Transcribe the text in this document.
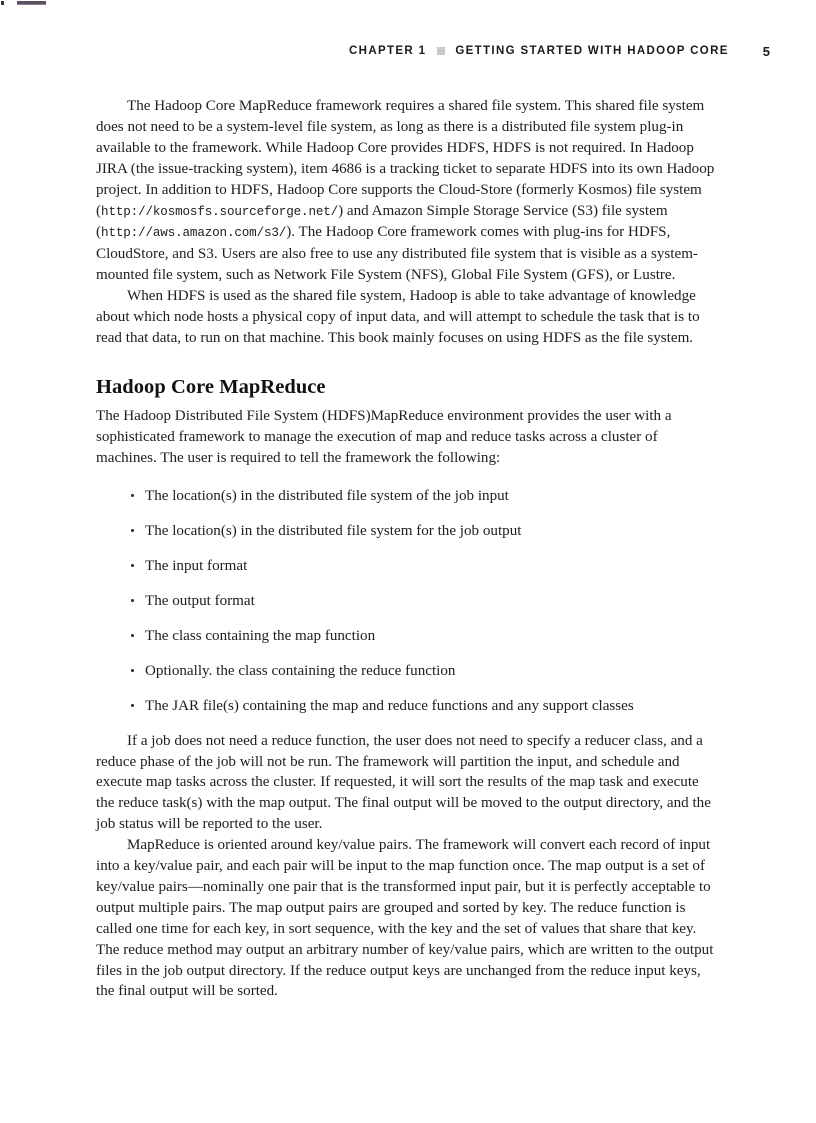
CHAPTER 1	GETTING STARTED WITH HADOOP CORE	5

The Hadoop Core MapReduce framework requires a shared file system. This shared file system does not need to be a system-level file system, as long as there is a distributed file system plug-in available to the framework. While Hadoop Core provides HDFS, HDFS is not required. In Hadoop JIRA (the issue-tracking system), item 4686 is a tracking ticket to separate HDFS into its own Hadoop project. In addition to HDFS, Hadoop Core supports the Cloud-Store (formerly Kosmos) file system (http://kosmosfs.sourceforge.net/) and Amazon Simple Storage Service (S3) file system (http://aws.amazon.com/s3/). The Hadoop Core framework comes with plug-ins for HDFS, CloudStore, and S3. Users are also free to use any distributed file system that is visible as a system-mounted file system, such as Network File System (NFS), Global File System (GFS), or Lustre.

When HDFS is used as the shared file system, Hadoop is able to take advantage of knowledge about which node hosts a physical copy of input data, and will attempt to schedule the task that is to read that data, to run on that machine. This book mainly focuses on using HDFS as the file system.

Hadoop Core MapReduce

The Hadoop Distributed File System (HDFS)MapReduce environment provides the user with a sophisticated framework to manage the execution of map and reduce tasks across a cluster of machines. The user is required to tell the framework the following:

The location(s) in the distributed file system of the job input
The location(s) in the distributed file system for the job output
The input format
The output format
The class containing the map function
Optionally. the class containing the reduce function
The JAR file(s) containing the map and reduce functions and any support classes

If a job does not need a reduce function, the user does not need to specify a reducer class, and a reduce phase of the job will not be run. The framework will partition the input, and schedule and execute map tasks across the cluster. If requested, it will sort the results of the map task and execute the reduce task(s) with the map output. The final output will be moved to the output directory, and the job status will be reported to the user.

MapReduce is oriented around key/value pairs. The framework will convert each record of input into a key/value pair, and each pair will be input to the map function once. The map output is a set of key/value pairs—nominally one pair that is the transformed input pair, but it is perfectly acceptable to output multiple pairs. The map output pairs are grouped and sorted by key. The reduce function is called one time for each key, in sort sequence, with the key and the set of values that share that key. The reduce method may output an arbitrary number of key/value pairs, which are written to the output files in the job output directory. If the reduce output keys are unchanged from the reduce input keys, the final output will be sorted.
